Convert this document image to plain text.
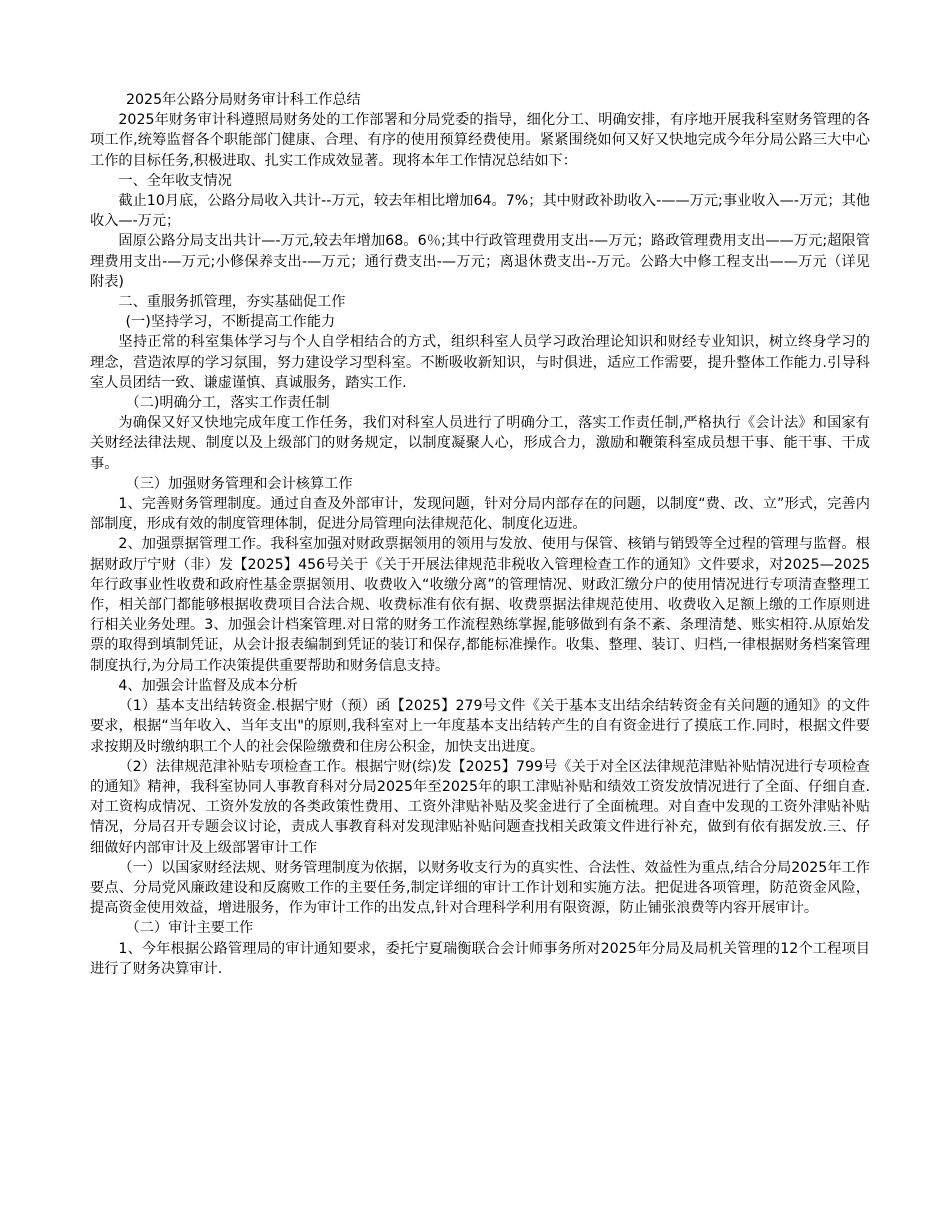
2025年公路分局财务审计科工作总结

2025年财务审计科遵照局财务处的工作部署和分局党委的指导，细化分工、明确安排，有序地开展我科室财务管理的各项工作,统筹监督各个职能部门健康、合理、有序的使用预算经费使用。紧紧围绕如何又好又快地完成今年分局公路三大中心工作的目标任务,积极进取、扎实工作成效显著。现将本年工作情况总结如下：

一、全年收支情况

截止10月底，公路分局收入共计--万元，较去年相比增加64。7%；其中财政补助收入-——万元;事业收入—-万元；其他收入—-万元；

固原公路分局支出共计—-万元,较去年增加68。6％;其中行政管理费用支出-—万元；路政管理费用支出——万元;超限管理费用支出-—万元;小修保养支出-—万元；通行费支出-—万元；离退休费支出--万元。公路大中修工程支出——万元（详见附表)

二、重服务抓管理，夯实基础促工作

(一)坚持学习，不断提高工作能力

坚持正常的科室集体学习与个人自学相结合的方式，组织科室人员学习政治理论知识和财经专业知识，树立终身学习的理念，营造浓厚的学习氛围，努力建设学习型科室。不断吸收新知识，与时俱进，适应工作需要，提升整体工作能力.引导科室人员团结一致、谦虚谨慎、真诚服务，踏实工作.

（二)明确分工，落实工作责任制

为确保又好又快地完成年度工作任务，我们对科室人员进行了明确分工，落实工作责任制,严格执行《会计法》和国家有关财经法律法规、制度以及上级部门的财务规定，以制度凝聚人心，形成合力，激励和鞭策科室成员想干事、能干事、干成事。

（三）加强财务管理和会计核算工作

1、完善财务管理制度。通过自查及外部审计，发现问题，针对分局内部存在的问题，以制度“费、改、立”形式，完善内部制度，形成有效的制度管理体制，促进分局管理向法律规范化、制度化迈进。

2、加强票据管理工作。我科室加强对财政票据领用的领用与发放、使用与保管、核销与销毁等全过程的管理与监督。根据财政厅宁财（非）发【2025】456号关于《关于开展法律规范非税收入管理检查工作的通知》文件要求，对2025—2025年行政事业性收费和政府性基金票据领用、收费收入“收缴分离”的管理情况、财政汇缴分户的使用情况进行专项清查整理工作，相关部门都能够根据收费项目合法合规、收费标准有依有据、收费票据法律规范使用、收费收入足额上缴的工作原则进行相关业务处理。3、加强会计档案管理.对日常的财务工作流程熟练掌握,能够做到有条不紊、条理清楚、账实相符.从原始发票的取得到填制凭证，从会计报表编制到凭证的装订和保存,都能标准操作。收集、整理、装订、归档,一律根据财务档案管理制度执行,为分局工作决策提供重要帮助和财务信息支持。

4、加强会计监督及成本分析

（1）基本支出结转资金.根据宁财（预）函【2025】279号文件《关于基本支出结余结转资金有关问题的通知》的文件要求，根据“当年收入、当年支出"的原则,我科室对上一年度基本支出结转产生的自有资金进行了摸底工作.同时，根据文件要求按期及时缴纳职工个人的社会保险缴费和住房公积金，加快支出进度。

（2）法律规范津补贴专项检查工作。根据宁财(综)发【2025】799号《关于对全区法律规范津贴补贴情况进行专项检查的通知》精神，我科室协同人事教育科对分局2025年至2025年的职工津贴补贴和绩效工资发放情况进行了全面、仔细自查.对工资构成情况、工资外发放的各类政策性费用、工资外津贴补贴及奖金进行了全面梳理。对自查中发现的工资外津贴补贴情况，分局召开专题会议讨论，责成人事教育科对发现津贴补贴问题查找相关政策文件进行补充，做到有依有据发放.三、仔细做好内部审计及上级部署审计工作

（一）以国家财经法规、财务管理制度为依据，以财务收支行为的真实性、合法性、效益性为重点,结合分局2025年工作要点、分局党风廉政建设和反腐败工作的主要任务,制定详细的审计工作计划和实施方法。把促进各项管理，防范资金风险，提高资金使用效益，增进服务，作为审计工作的出发点,针对合理科学利用有限资源，防止铺张浪费等内容开展审计。

（二）审计主要工作

1、今年根据公路管理局的审计通知要求，委托宁夏瑞衡联合会计师事务所对2025年分局及局机关管理的12个工程项目进行了财务决算审计.
